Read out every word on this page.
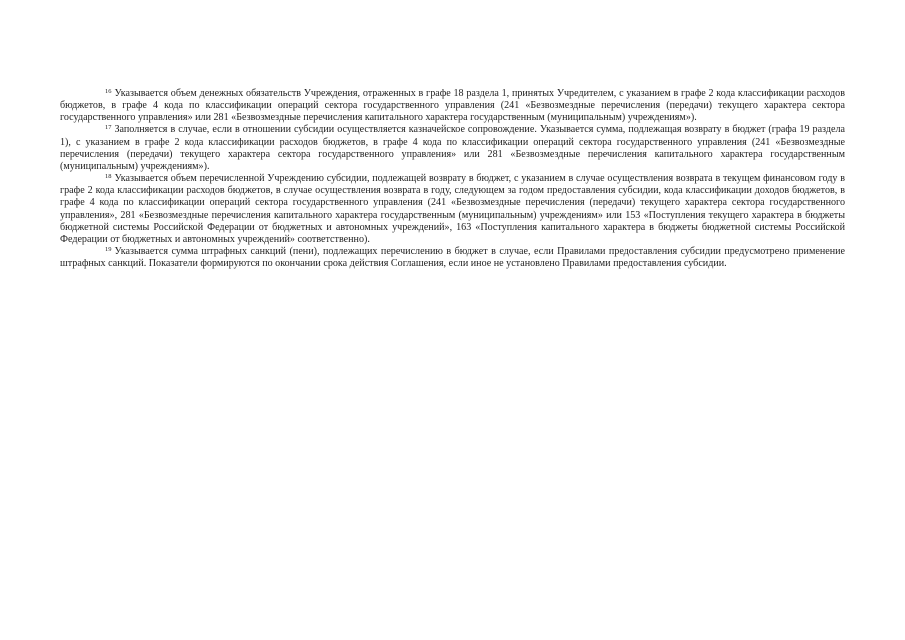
$^{16}$ Указывается объем денежных обязательств Учреждения, отраженных в графе 18 раздела 1, принятых Учредителем, с указанием в графе 2 кода классификации расходов бюджетов, в графе 4 кода по классификации операций сектора государственного управления (241 «Безвозмездные перечисления (передачи) текущего характера сектора государственного управления» или 281 «Безвозмездные перечисления капитального характера государственным (муниципальным) учреждениям»).

$^{17}$ Заполняется в случае, если в отношении субсидии осуществляется казначейское сопровождение. Указывается сумма, подлежащая возврату в бюджет (графа 19 раздела 1), с указанием в графе 2 кода классификации расходов бюджетов, в графе 4 кода по классификации операций сектора государственного управления (241 «Безвозмездные перечисления (передачи) текущего характера сектора государственного управления» или 281 «Безвозмездные перечисления капитального характера государственным (муниципальным) учреждениям»).

$^{18}$ Указывается объем перечисленной Учреждению субсидии, подлежащей возврату в бюджет, с указанием в случае осуществления возврата в текущем финансовом году в графе 2 кода классификации расходов бюджетов, в случае осуществления возврата в году, следующем за годом предоставления субсидии, кода классификации доходов бюджетов, в графе 4 кода по классификации операций сектора государственного управления (241 «Безвозмездные перечисления (передачи) текущего характера сектора государственного управления», 281 «Безвозмездные перечисления капитального характера государственным (муниципальным) учреждениям» или 153 «Поступления текущего характера в бюджеты бюджетной системы Российской Федерации от бюджетных и автономных учреждений», 163 «Поступления капитального характера в бюджеты бюджетной системы Российской Федерации от бюджетных и автономных учреждений» соответственно).

$^{19}$ Указывается сумма штрафных санкций (пени), подлежащих перечислению в бюджет в случае, если Правилами предоставления субсидии предусмотрено применение штрафных санкций. Показатели формируются по окончании срока действия Соглашения, если иное не установлено Правилами предоставления субсидии.
